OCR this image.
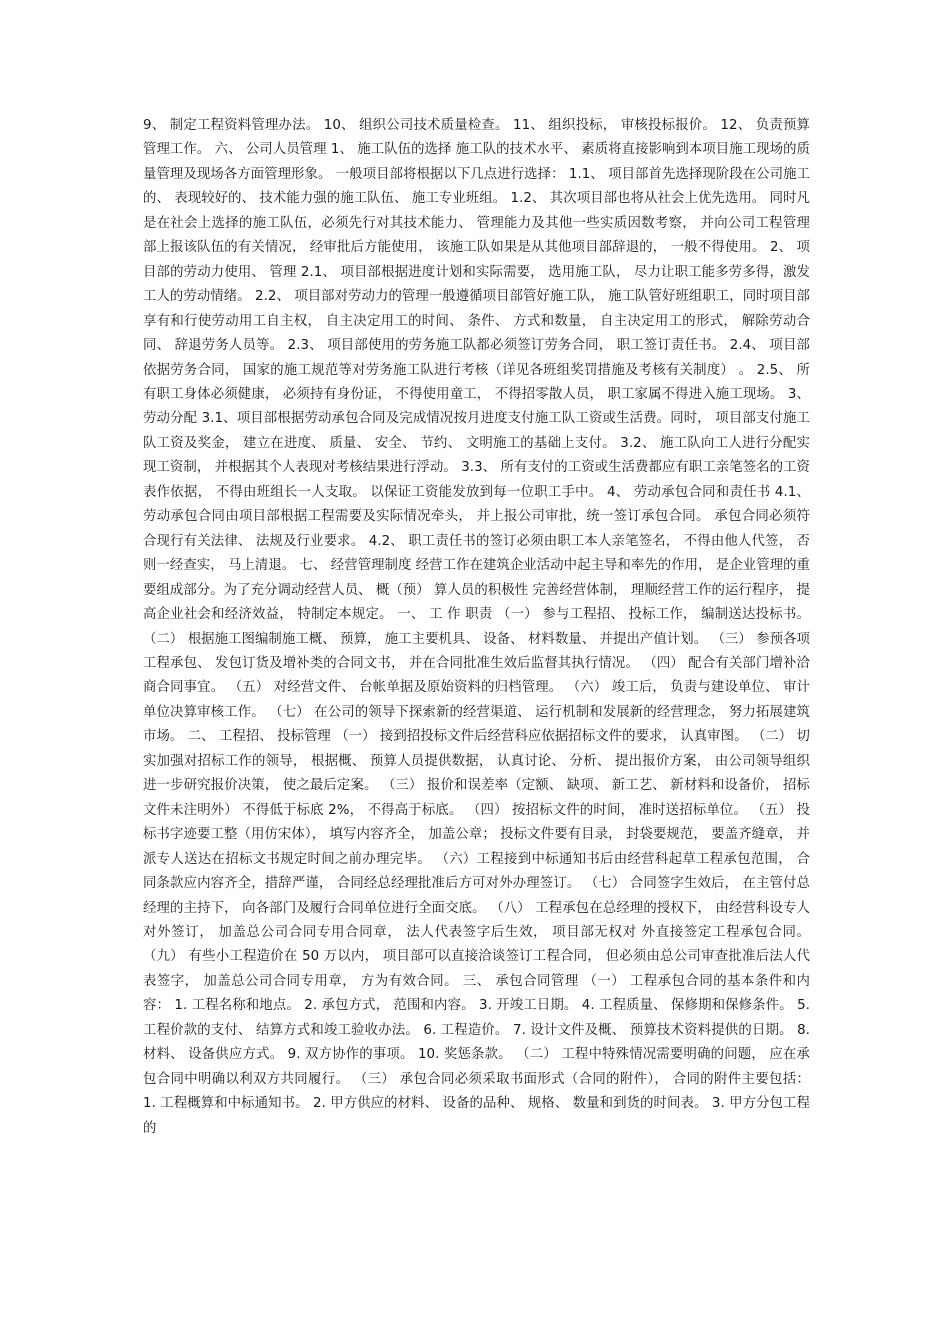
9、 制定工程资料管理办法。 10、 组织公司技术质量检查。 11、 组织投标， 审核投标报价。 12、 负责预算管理工作。 六、 公司人员管理 1、 施工队伍的选择 施工队的技术水平、 素质将直接影响到本项目施工现场的质量管理及现场各方面管理形象。 一般项目部将根据以下几点进行选择： 1.1、 项目部首先选择现阶段在公司施工的、 表现较好的、 技术能力强的施工队伍、 施工专业班组。 1.2、 其次项目部也将从社会上优先选用。 同时凡是在社会上选择的施工队伍，必须先行对其技术能力、 管理能力及其他一些实质因数考察， 并向公司工程管理部上报该队伍的有关情况， 经审批后方能使用， 该施工队如果是从其他项目部辞退的， 一般不得使用。 2、 项目部的劳动力使用、 管理 2.1、 项目部根据进度计划和实际需要， 选用施工队， 尽力让职工能多劳多得，激发工人的劳动情绪。 2.2、 项目部对劳动力的管理一般遵循项目部管好施工队， 施工队管好班组职工，同时项目部享有和行使劳动用工自主权， 自主决定用工的时间、 条件、 方式和数量， 自主决定用工的形式， 解除劳动合同、 辞退劳务人员等。 2.3、 项目部使用的劳务施工队都必须签订劳务合同， 职工签订责任书。 2.4、 项目部依据劳务合同， 国家的施工规范等对劳务施工队进行考核（详见各班组奖罚措施及考核有关制度） 。 2.5、 所有职工身体必须健康， 必须持有身份证， 不得使用童工， 不得招零散人员， 职工家属不得进入施工现场。 3、 劳动分配 3.1、项目部根据劳动承包合同及完成情况按月进度支付施工队工资或生活费。同时， 项目部支付施工队工资及奖金， 建立在进度、 质量、 安全、 节约、 文明施工的基础上支付。 3.2、 施工队向工人进行分配实现工资制， 并根据其个人表现对考核结果进行浮动。 3.3、 所有支付的工资或生活费都应有职工亲笔签名的工资表作依据， 不得由班组长一人支取。 以保证工资能发放到每一位职工手中。 4、 劳动承包合同和责任书 4.1、 劳动承包合同由项目部根据工程需要及实际情况牵头， 并上报公司审批，统一签订承包合同。 承包合同必须符合现行有关法律、 法规及行业要求。 4.2、 职工责任书的签订必须由职工本人亲笔签名， 不得由他人代签， 否则一经查实， 马上清退。 七、 经营管理制度 经营工作在建筑企业活动中起主导和率先的作用， 是企业管理的重要组成部分。为了充分调动经营人员、 概（预） 算人员的积极性 完善经营体制， 理顺经营工作的运行程序， 提高企业社会和经济效益， 特制定本规定。 一、 工 作 职责 （一） 参与工程招、 投标工作， 编制送达投标书。 （二） 根据施工图编制施工概、 预算， 施工主要机具、 设备、 材料数量、 并提出产值计划。 （三） 参预各项工程承包、 发包订货及增补类的合同文书， 并在合同批准生效后监督其执行情况。 （四） 配合有关部门增补洽商合同事宜。 （五） 对经营文件、 台帐单据及原始资料的归档管理。 （六） 竣工后， 负责与建设单位、 审计单位决算审核工作。 （七） 在公司的领导下探索新的经营渠道、 运行机制和发展新的经营理念， 努力拓展建筑市场。 二、 工程招、 投标管理 （一） 接到招投标文件后经营科应依据招标文件的要求， 认真审图。 （二） 切实加强对招标工作的领导， 根据概、 预算人员提供数据， 认真讨论、 分析、 提出报价方案， 由公司领导组织进一步研究报价决策， 使之最后定案。 （三） 报价和误差率（定额、 缺项、 新工艺、 新材料和设备价， 招标文件未注明外） 不得低于标底 2%， 不得高于标底。 （四） 按招标文件的时间， 准时送招标单位。 （五） 投标书字迹要工整（用仿宋体）， 填写内容齐全， 加盖公章； 投标文件要有目录， 封袋要规范， 要盖齐缝章， 并派专人送达在招标文书规定时间之前办理完毕。 （六）工程接到中标通知书后由经营科起草工程承包范围， 合同条款应内容齐全，措辞严谨， 合同经总经理批准后方可对外办理签订。 （七） 合同签字生效后， 在主管付总经理的主持下， 向各部门及履行合同单位进行全面交底。 （八） 工程承包在总经理的授权下， 由经营科设专人对外签订， 加盖总公司合同专用合同章， 法人代表签字后生效， 项目部无权对 外直接签定工程承包合同。 （九） 有些小工程造价在 50 万以内， 项目部可以直接洽谈签订工程合同， 但必须由总公司审查批准后法人代表签字， 加盖总公司合同专用章， 方为有效合同。 三、 承包合同管理 （一） 工程承包合同的基本条件和内容： 1. 工程名称和地点。 2. 承包方式， 范围和内容。 3. 开竣工日期。 4. 工程质量、 保修期和保修条件。 5. 工程价款的支付、 结算方式和竣工验收办法。 6. 工程造价。 7. 设计文件及概、 预算技术资料提供的日期。 8. 材料、 设备供应方式。 9. 双方协作的事项。 10. 奖惩条款。 （二） 工程中特殊情况需要明确的问题， 应在承包合同中明确以利双方共同履行。 （三） 承包合同必须采取书面形式（合同的附件）， 合同的附件主要包括： 1. 工程概算和中标通知书。 2. 甲方供应的材料、 设备的品种、 规格、 数量和到货的时间表。 3. 甲方分包工程的
